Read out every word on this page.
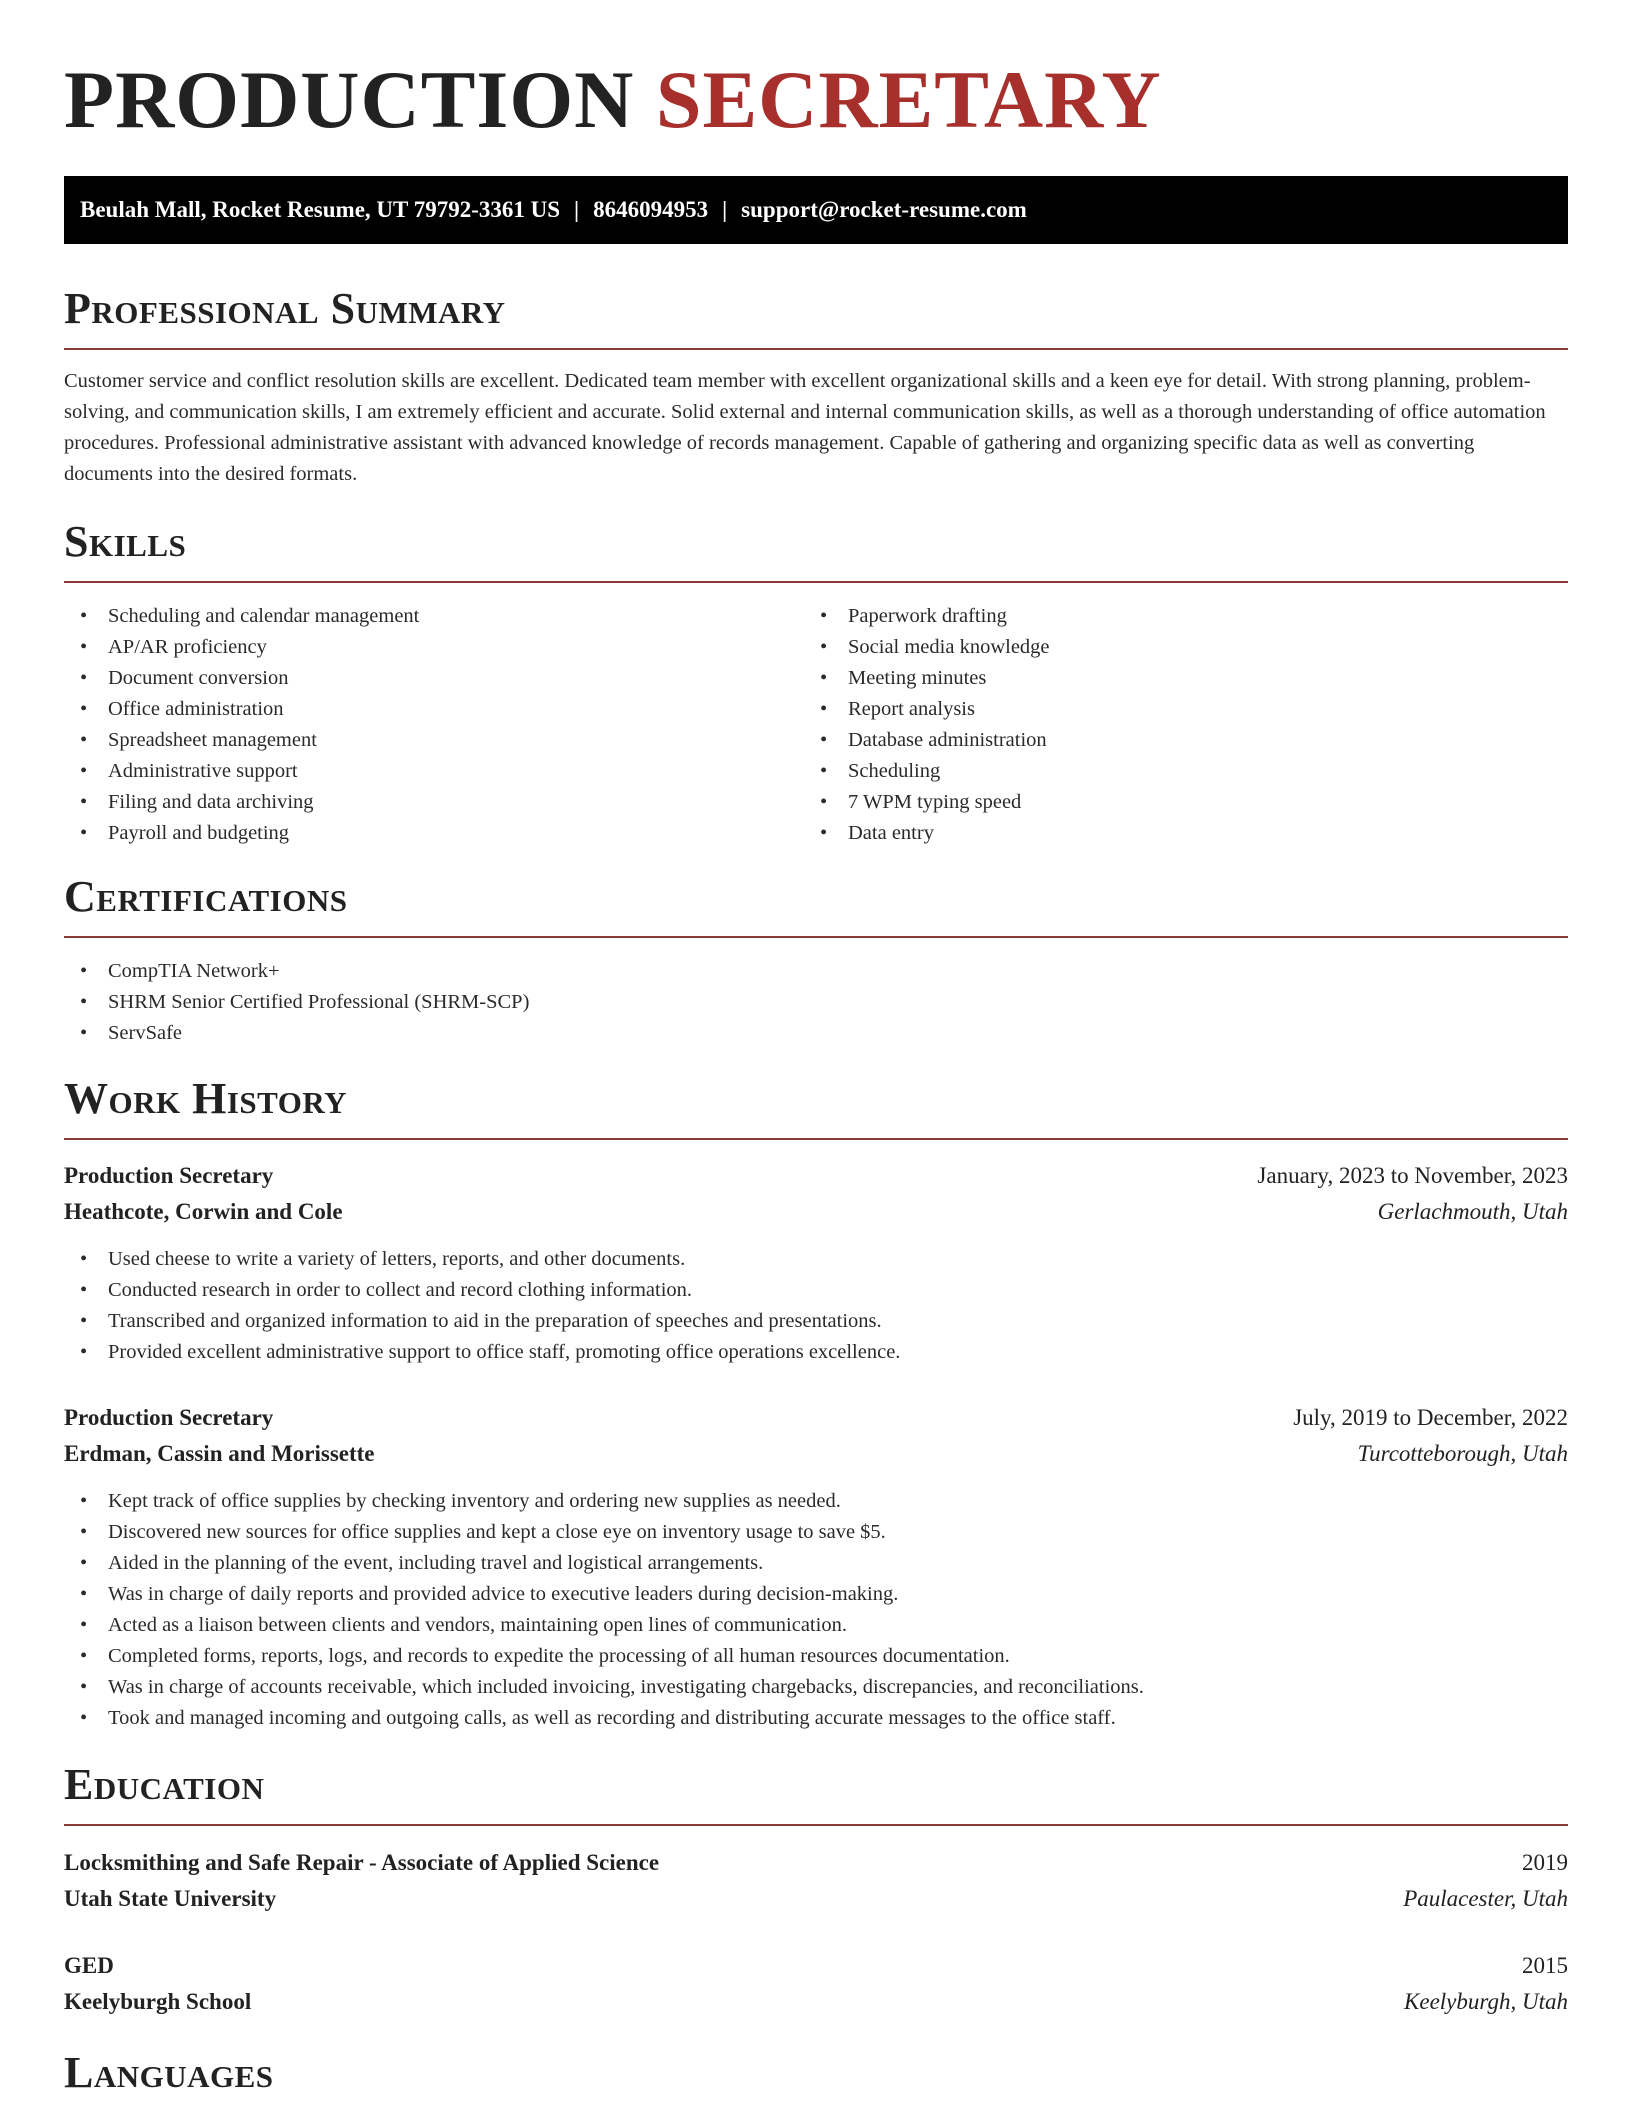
PRODUCTION SECRETARY
Beulah Mall, Rocket Resume, UT 79792-3361 US | 8646094953 | support@rocket-resume.com
Professional Summary

Customer service and conflict resolution skills are excellent. Dedicated team member with excellent organizational skills and a keen eye for detail. With strong planning, problem-solving, and communication skills, I am extremely efficient and accurate. Solid external and internal communication skills, as well as a thorough understanding of office automation procedures. Professional administrative assistant with advanced knowledge of records management. Capable of gathering and organizing specific data as well as converting documents into the desired formats.

Skills
• Scheduling and calendar management
• AP/AR proficiency
• Document conversion
• Office administration
• Spreadsheet management
• Administrative support
• Filing and data archiving
• Payroll and budgeting
• Paperwork drafting
• Social media knowledge
• Meeting minutes
• Report analysis
• Database administration
• Scheduling
• 7 WPM typing speed
• Data entry
Certifications
• CompTIA Network+
• SHRM Senior Certified Professional (SHRM-SCP)
• ServSafe
Work History
Production Secretary	January, 2023 to November, 2023
Heathcote, Corwin and Cole	Gerlachmouth, Utah
• Used cheese to write a variety of letters, reports, and other documents.
• Conducted research in order to collect and record clothing information.
• Transcribed and organized information to aid in the preparation of speeches and presentations.
• Provided excellent administrative support to office staff, promoting office operations excellence.
Production Secretary	July, 2019 to December, 2022
Erdman, Cassin and Morissette	Turcotteborough, Utah
• Kept track of office supplies by checking inventory and ordering new supplies as needed.
• Discovered new sources for office supplies and kept a close eye on inventory usage to save $5.
• Aided in the planning of the event, including travel and logistical arrangements.
• Was in charge of daily reports and provided advice to executive leaders during decision-making.
• Acted as a liaison between clients and vendors, maintaining open lines of communication.
• Completed forms, reports, logs, and records to expedite the processing of all human resources documentation.
• Was in charge of accounts receivable, which included invoicing, investigating chargebacks, discrepancies, and reconciliations.
• Took and managed incoming and outgoing calls, as well as recording and distributing accurate messages to the office staff.
Education
Locksmithing and Safe Repair - Associate of Applied Science	2019
Utah State University	Paulacester, Utah
GED	2015
Keelyburgh School	Keelyburgh, Utah
Languages
